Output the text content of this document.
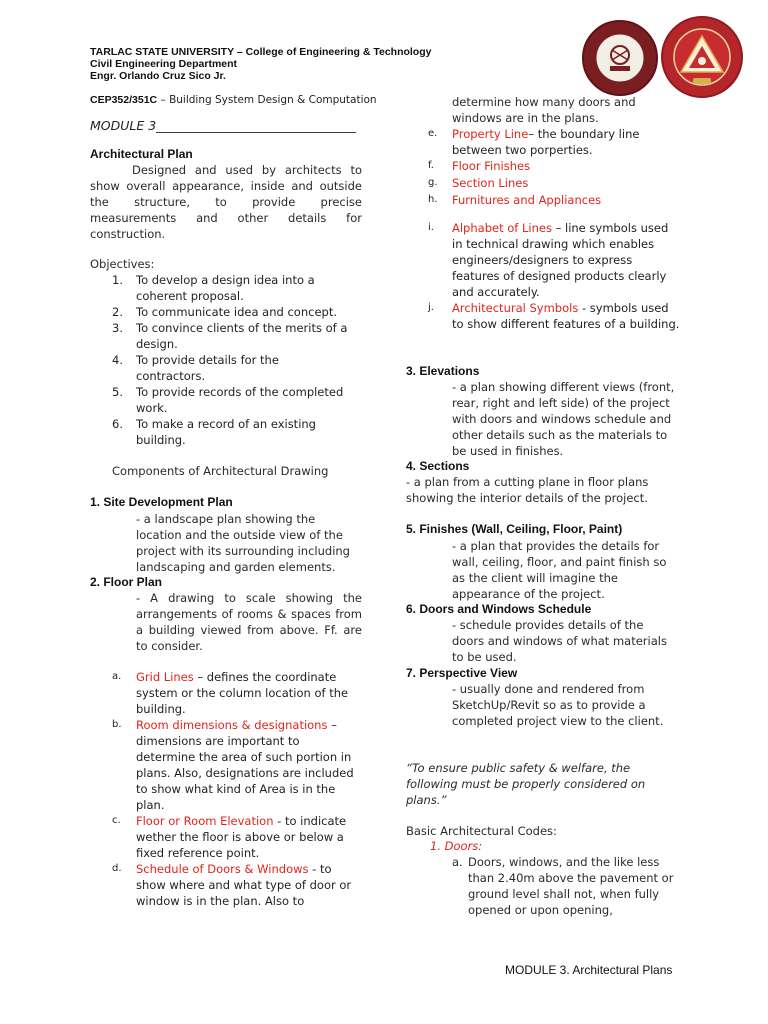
TARLAC STATE UNIVERSITY – College of Engineering & Technology
Civil Engineering Department
Engr. Orlando Cruz Sico Jr.
CEP352/351C – Building System Design & Computation
MODULE 3________________________________
Architectural Plan
Designed and used by architects to show overall appearance, inside and outside the structure, to provide precise measurements and other details for construction.
Objectives:
1. To develop a design idea into a coherent proposal.
2. To communicate idea and concept.
3. To convince clients of the merits of a design.
4. To provide details for the contractors.
5. To provide records of the completed work.
6. To make a record of an existing building.
Components of Architectural Drawing
1. Site Development Plan
- a landscape plan showing the location and the outside view of the project with its surrounding including landscaping and garden elements.
2. Floor Plan
- A drawing to scale showing the arrangements of rooms & spaces from a building viewed from above. Ff. are to consider.
a. Grid Lines – defines the coordinate system or the column location of the building.
b. Room dimensions & designations – dimensions are important to determine the area of such portion in plans. Also, designations are included to show what kind of Area is in the plan.
c. Floor or Room Elevation - to indicate wether the floor is above or below a fixed reference point.
d. Schedule of Doors & Windows - to show where and what type of door or window is in the plan. Also to
determine how many doors and windows are in the plans.
e. Property Line– the boundary line between two porperties.
f. Floor Finishes
g. Section Lines
h. Furnitures and Appliances
i. Alphabet of Lines – line symbols used in technical drawing which enables engineers/designers to express features of designed products clearly and accurately.
j. Architectural Symbols - symbols used to show different features of a building.
3. Elevations
- a plan showing different views (front, rear, right and left side) of the project with doors and windows schedule and other details such as the materials to be used in finishes.
4. Sections
- a plan from a cutting plane in floor plans showing the interior details of the project.
5. Finishes (Wall, Ceiling, Floor, Paint)
- a plan that provides the details for wall, ceiling, floor, and paint finish so as the client will imagine the appearance of the project.
6. Doors and Windows Schedule
- schedule provides details of the doors and windows of what materials to be used.
7. Perspective View
- usually done and rendered from SketchUp/Revit so as to provide a completed project view to the client.
“To ensure public safety & welfare, the following must be properly considered on plans.”
Basic Architectural Codes:
1. Doors:
a. Doors, windows, and the like less than 2.40m above the pavement or ground level shall not, when fully opened or upon opening,
MODULE 3. Architectural Plans
